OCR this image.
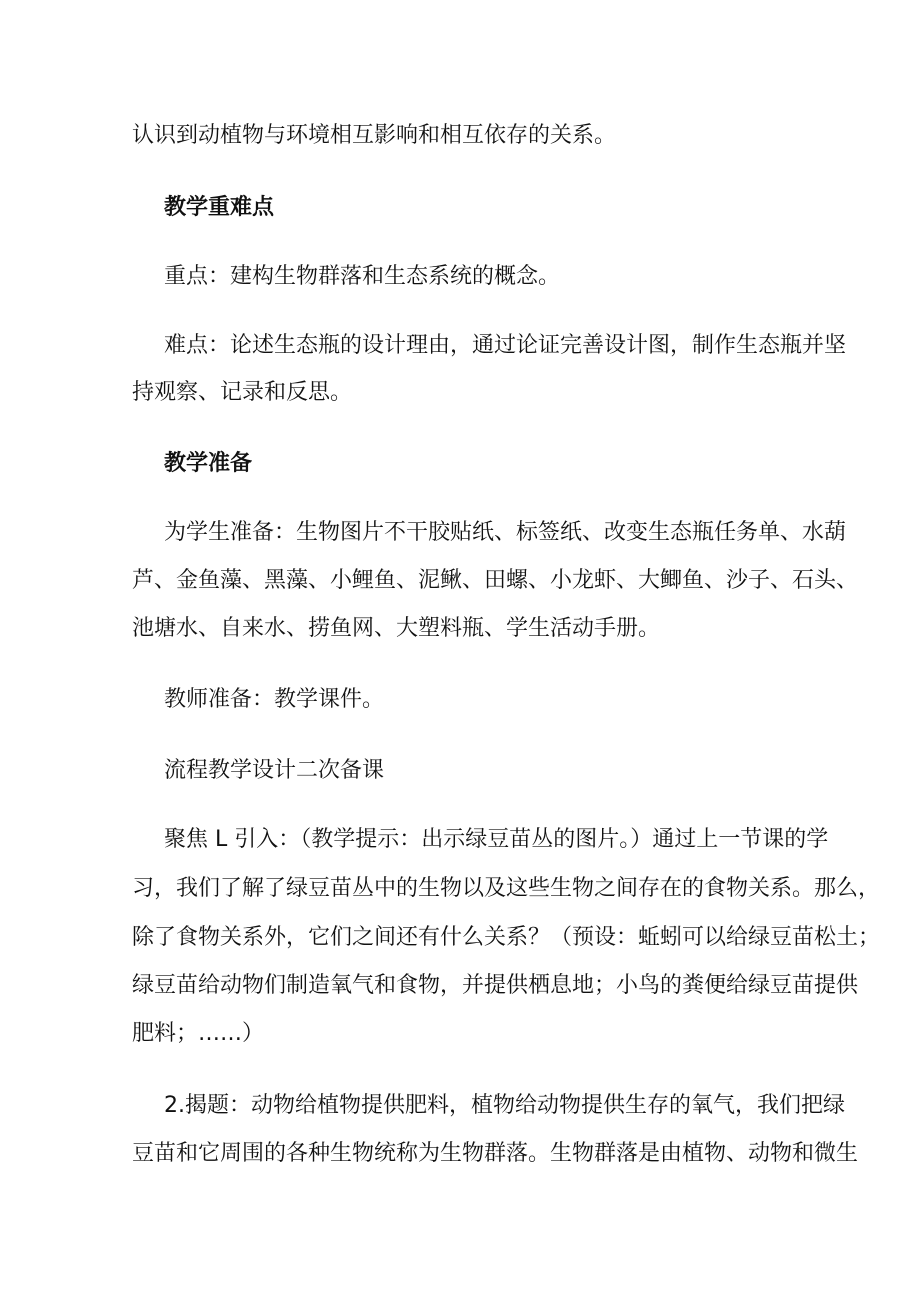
认识到动植物与环境相互影响和相互依存的关系。
教学重难点
重点：建构生物群落和生态系统的概念。
难点：论述生态瓶的设计理由，通过论证完善设计图，制作生态瓶并坚
持观察、记录和反思。
教学准备
为学生准备：生物图片不干胶贴纸、标签纸、改变生态瓶任务单、水葫
芦、金鱼藻、黑藻、小鲤鱼、泥鳅、田螺、小龙虾、大鲫鱼、沙子、石头、
池塘水、自来水、捞鱼网、大塑料瓶、学生活动手册。
教师准备：教学课件。
流程教学设计二次备课
聚焦 L 引入：（教学提示：出示绿豆苗丛的图片。）通过上一节课的学
习，我们了解了绿豆苗丛中的生物以及这些生物之间存在的食物关系。那么，
除了食物关系外，它们之间还有什么关系？（预设：蚯蚓可以给绿豆苗松土；
绿豆苗给动物们制造氧气和食物，并提供栖息地；小鸟的粪便给绿豆苗提供
肥料；……）
2.揭题：动物给植物提供肥料，植物给动物提供生存的氧气，我们把绿
豆苗和它周围的各种生物统称为生物群落。生物群落是由植物、动物和微生
